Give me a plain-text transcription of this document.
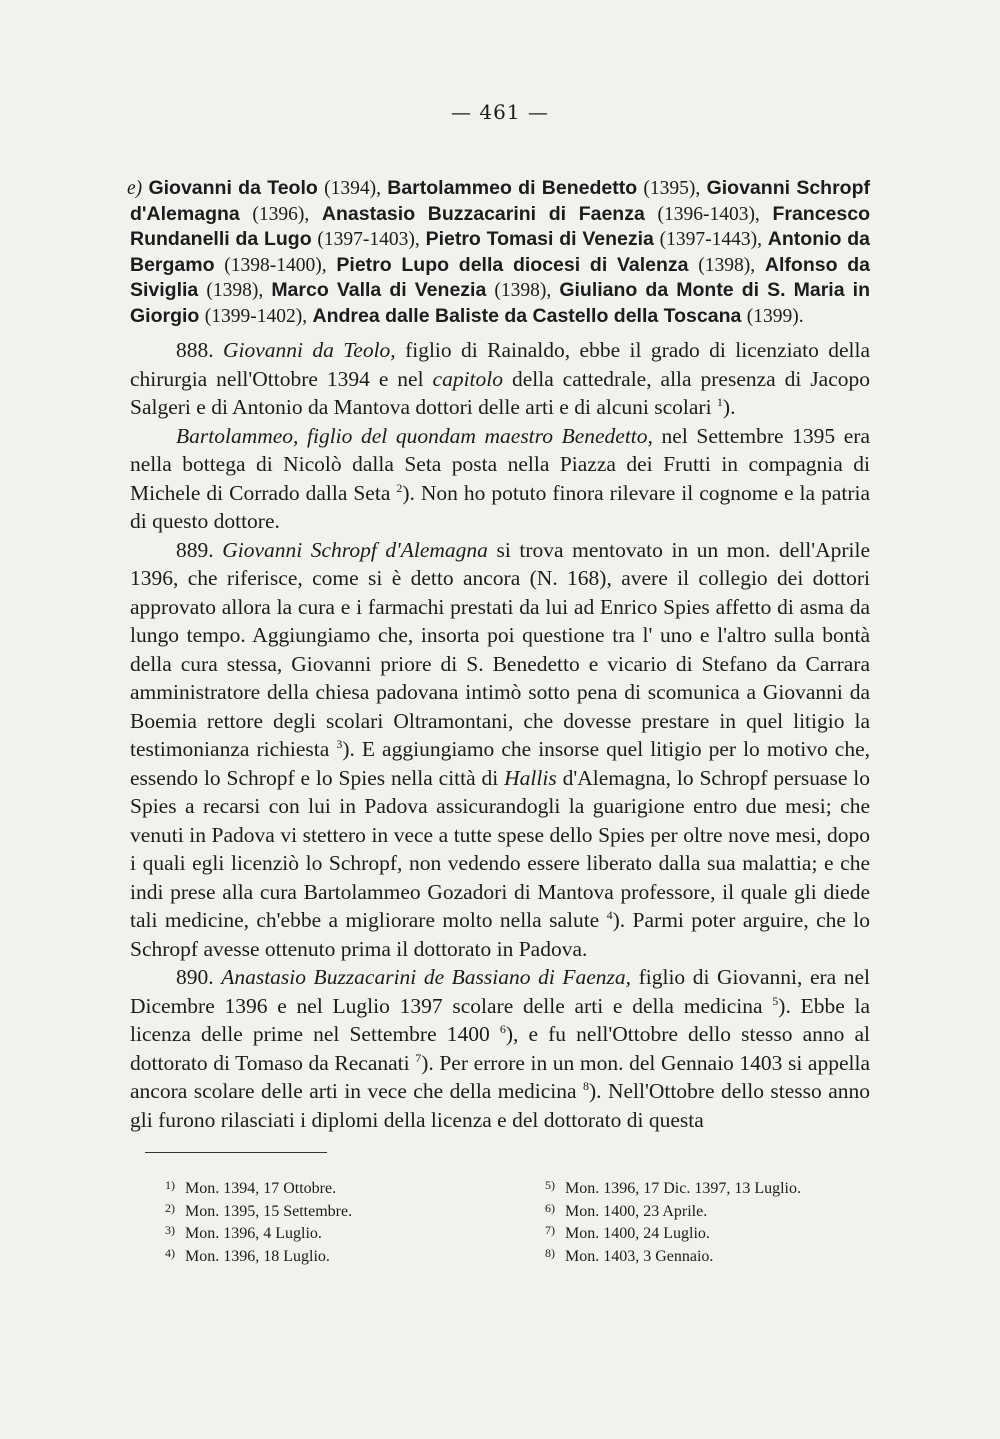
— 461 —
e) Giovanni da Teolo (1394), Bartolammeo di Benedetto (1395), Giovanni Schropf d'Alemagna (1396), Anastasio Buzzacarini di Faenza (1396-1403), Francesco Rundanelli da Lugo (1397-1403), Pietro Tomasi di Venezia (1397-1443), Antonio da Bergamo (1398-1400), Pietro Lupo della diocesi di Valenza (1398), Alfonso da Siviglia (1398), Marco Valla di Venezia (1398), Giuliano da Monte di S. Maria in Giorgio (1399-1402), Andrea dalle Baliste da Castello della Toscana (1399).

888. Giovanni da Teolo, figlio di Rainaldo, ebbe il grado di licenziato della chirurgia nell'Ottobre 1394 e nel capitolo della cattedrale, alla presenza di Jacopo Salgeri e di Antonio da Mantova dottori delle arti e di alcuni scolari $^1$).

Bartolammeo, figlio del quondam maestro Benedetto, nel Settembre 1395 era nella bottega di Nicolò dalla Seta posta nella Piazza dei Frutti in compagnia di Michele di Corrado dalla Seta $^2$). Non ho potuto finora rilevare il cognome e la patria di questo dottore.

889. Giovanni Schropf d'Alemagna si trova mentovato in un mon. dell'Aprile 1396, che riferisce, come si è detto ancora (N. 168), avere il collegio dei dottori approvato allora la cura e i farmachi prestati da lui ad Enrico Spies affetto di asma da lungo tempo. Aggiungiamo che, insorta poi questione tra l' uno e l'altro sulla bontà della cura stessa, Giovanni priore di S. Benedetto e vicario di Stefano da Carrara amministratore della chiesa padovana intimò sotto pena di scomunica a Giovanni da Boemia rettore degli scolari Oltramontani, che dovesse prestare in quel litigio la testimonianza richiesta $^3$). E aggiungiamo che insorse quel litigio per lo motivo che, essendo lo Schropf e lo Spies nella città di Hallis d'Alemagna, lo Schropf persuase lo Spies a recarsi con lui in Padova assicurandogli la guarigione entro due mesi; che venuti in Padova vi stettero in vece a tutte spese dello Spies per oltre nove mesi, dopo i quali egli licenziò lo Schropf, non vedendo essere liberato dalla sua malattia; e che indi prese alla cura Bartolammeo Gozadori di Mantova professore, il quale gli diede tali medicine, ch'ebbe a migliorare molto nella salute $^4$). Parmi poter arguire, che lo Schropf avesse ottenuto prima il dottorato in Padova.

890. Anastasio Buzzacarini de Bassiano di Faenza, figlio di Giovanni, era nel Dicembre 1396 e nel Luglio 1397 scolare delle arti e della medicina $^5$). Ebbe la licenza delle prime nel Settembre 1400 $^6$), e fu nell'Ottobre dello stesso anno al dottorato di Tomaso da Recanati $^7$). Per errore in un mon. del Gennaio 1403 si appella ancora scolare delle arti in vece che della medicina $^8$). Nell'Ottobre dello stesso anno gli furono rilasciati i diplomi della licenza e del dottorato di questa

1) Mon. 1394, 17 Ottobre.
2) Mon. 1395, 15 Settembre.
3) Mon. 1396, 4 Luglio.
4) Mon. 1396, 18 Luglio.
5) Mon. 1396, 17 Dic. 1397, 13 Luglio.
6) Mon. 1400, 23 Aprile.
7) Mon. 1400, 24 Luglio.
8) Mon. 1403, 3 Gennaio.
